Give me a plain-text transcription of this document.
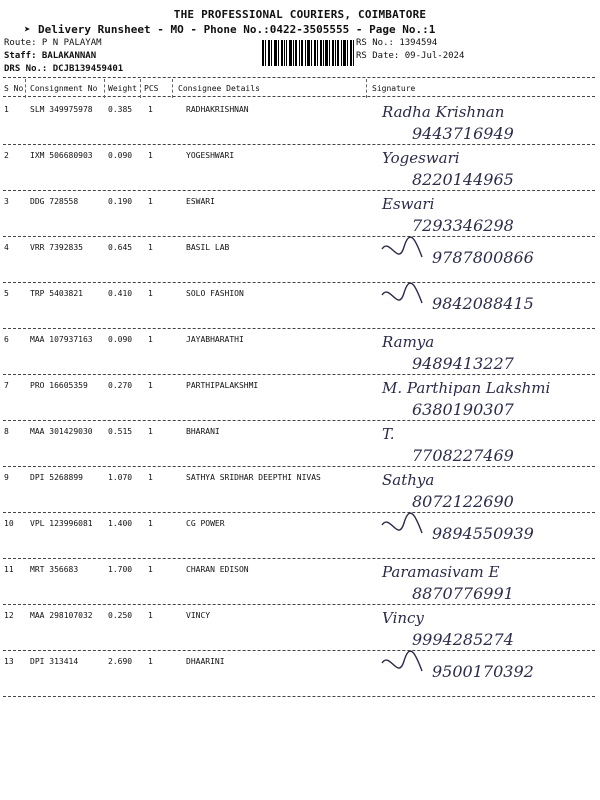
THE PROFESSIONAL COURIERS, COIMBATORE
➤ Delivery Runsheet - MO - Phone No.:0422-3505555 - Page No.:1
Route: P N PALAYAM
Staff: BALAKANNAN
DRS No.: DCJB139459401
RS No.: 1394594
RS Date: 09-Jul-2024
S No Consignment No Weight PCS Consignee Details	Signature
1	SLM 349975978 0.385 1	RADHAKRISHNAN	Radha Krishnan
9443716949
2	IXM 506680903 0.090 1	YOGESHWARI	Yogeswari
8220144965
3	DDG 728558	0.190 1	ESWARI	Eswari
7293346298
4	VRR 7392835	0.645 1	BASIL LAB
9787800866
5	TRP 5403821	0.410 1	SOLO FASHION
9842088415
6	MAA 107937163 0.090 1	JAYABHARATHI	Ramya
9489413227
7	PRO 16605359	0.270 1	PARTHIPALAKSHMI	M. Parthipan Lakshmi
6380190307
8	MAA 301429030 0.515 1	BHARANI	T.
7708227469
9	DPI 5268899	1.070 1	SATHYA SRIDHAR DEEPTHI NIVAS	Sathya
8072122690
10 VPL 123996081 1.400 1	CG POWER
9894550939
11 MRT 356683	1.700 1	CHARAN EDISON	Paramasivam E
8870776991
12 MAA 298107032 0.250 1	VINCY	Vincy
9994285274
13 DPI 313414	2.690 1	DHAARINI
9500170392
